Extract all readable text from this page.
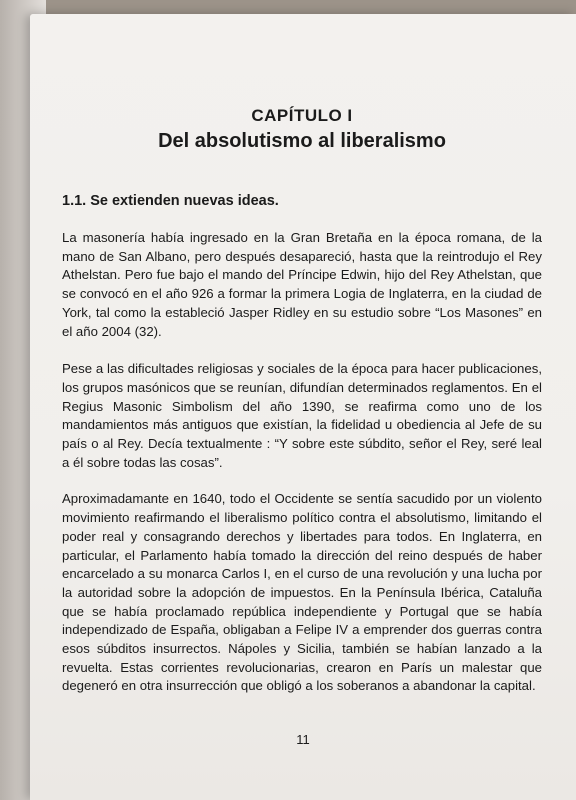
CAPÍTULO I

Del absolutismo al liberalismo
1.1. Se extienden nuevas ideas.

La masonería había ingresado en la Gran Bretaña en la época romana, de la mano de San Albano, pero después desapareció, hasta que la reintrodujo el Rey Athelstan. Pero fue bajo el mando del Príncipe Edwin, hijo del Rey Athelstan, que se convocó en el año 926 a formar la primera Logia de Inglaterra, en la ciudad de York, tal como la estableció Jasper Ridley en su estudio sobre “Los Masones” en el año 2004 (32).

Pese a las dificultades religiosas y sociales de la época para hacer publicaciones, los grupos masónicos que se reunían, difundían determinados reglamentos. En el Regius Masonic Simbolism del año 1390, se reafirma como uno de los mandamientos más antiguos que existían, la fidelidad u obediencia al Jefe de su país o al Rey. Decía textualmente : “Y sobre este súbdito, señor el Rey, seré leal a él sobre todas las cosas”.

Aproximadamante en 1640, todo el Occidente se sentía sacudido por un violento movimiento reafirmando el liberalismo político contra el absolutismo, limitando el poder real y consagrando derechos y libertades para todos. En Inglaterra, en particular, el Parlamento había tomado la dirección del reino después de haber encarcelado a su monarca Carlos I, en el curso de una revolución y una lucha por la autoridad sobre la adopción de impuestos. En la Península Ibérica, Cataluña que se había proclamado república independiente y Portugal que se había independizado de España, obligaban a Felipe IV a emprender dos guerras contra esos súbditos insurrectos. Nápoles y Sicilia, también se habían lanzado a la revuelta. Estas corrientes revolucionarias, crearon en París un malestar que degeneró en otra insurrección que obligó a los soberanos a abandonar la capital.

11
